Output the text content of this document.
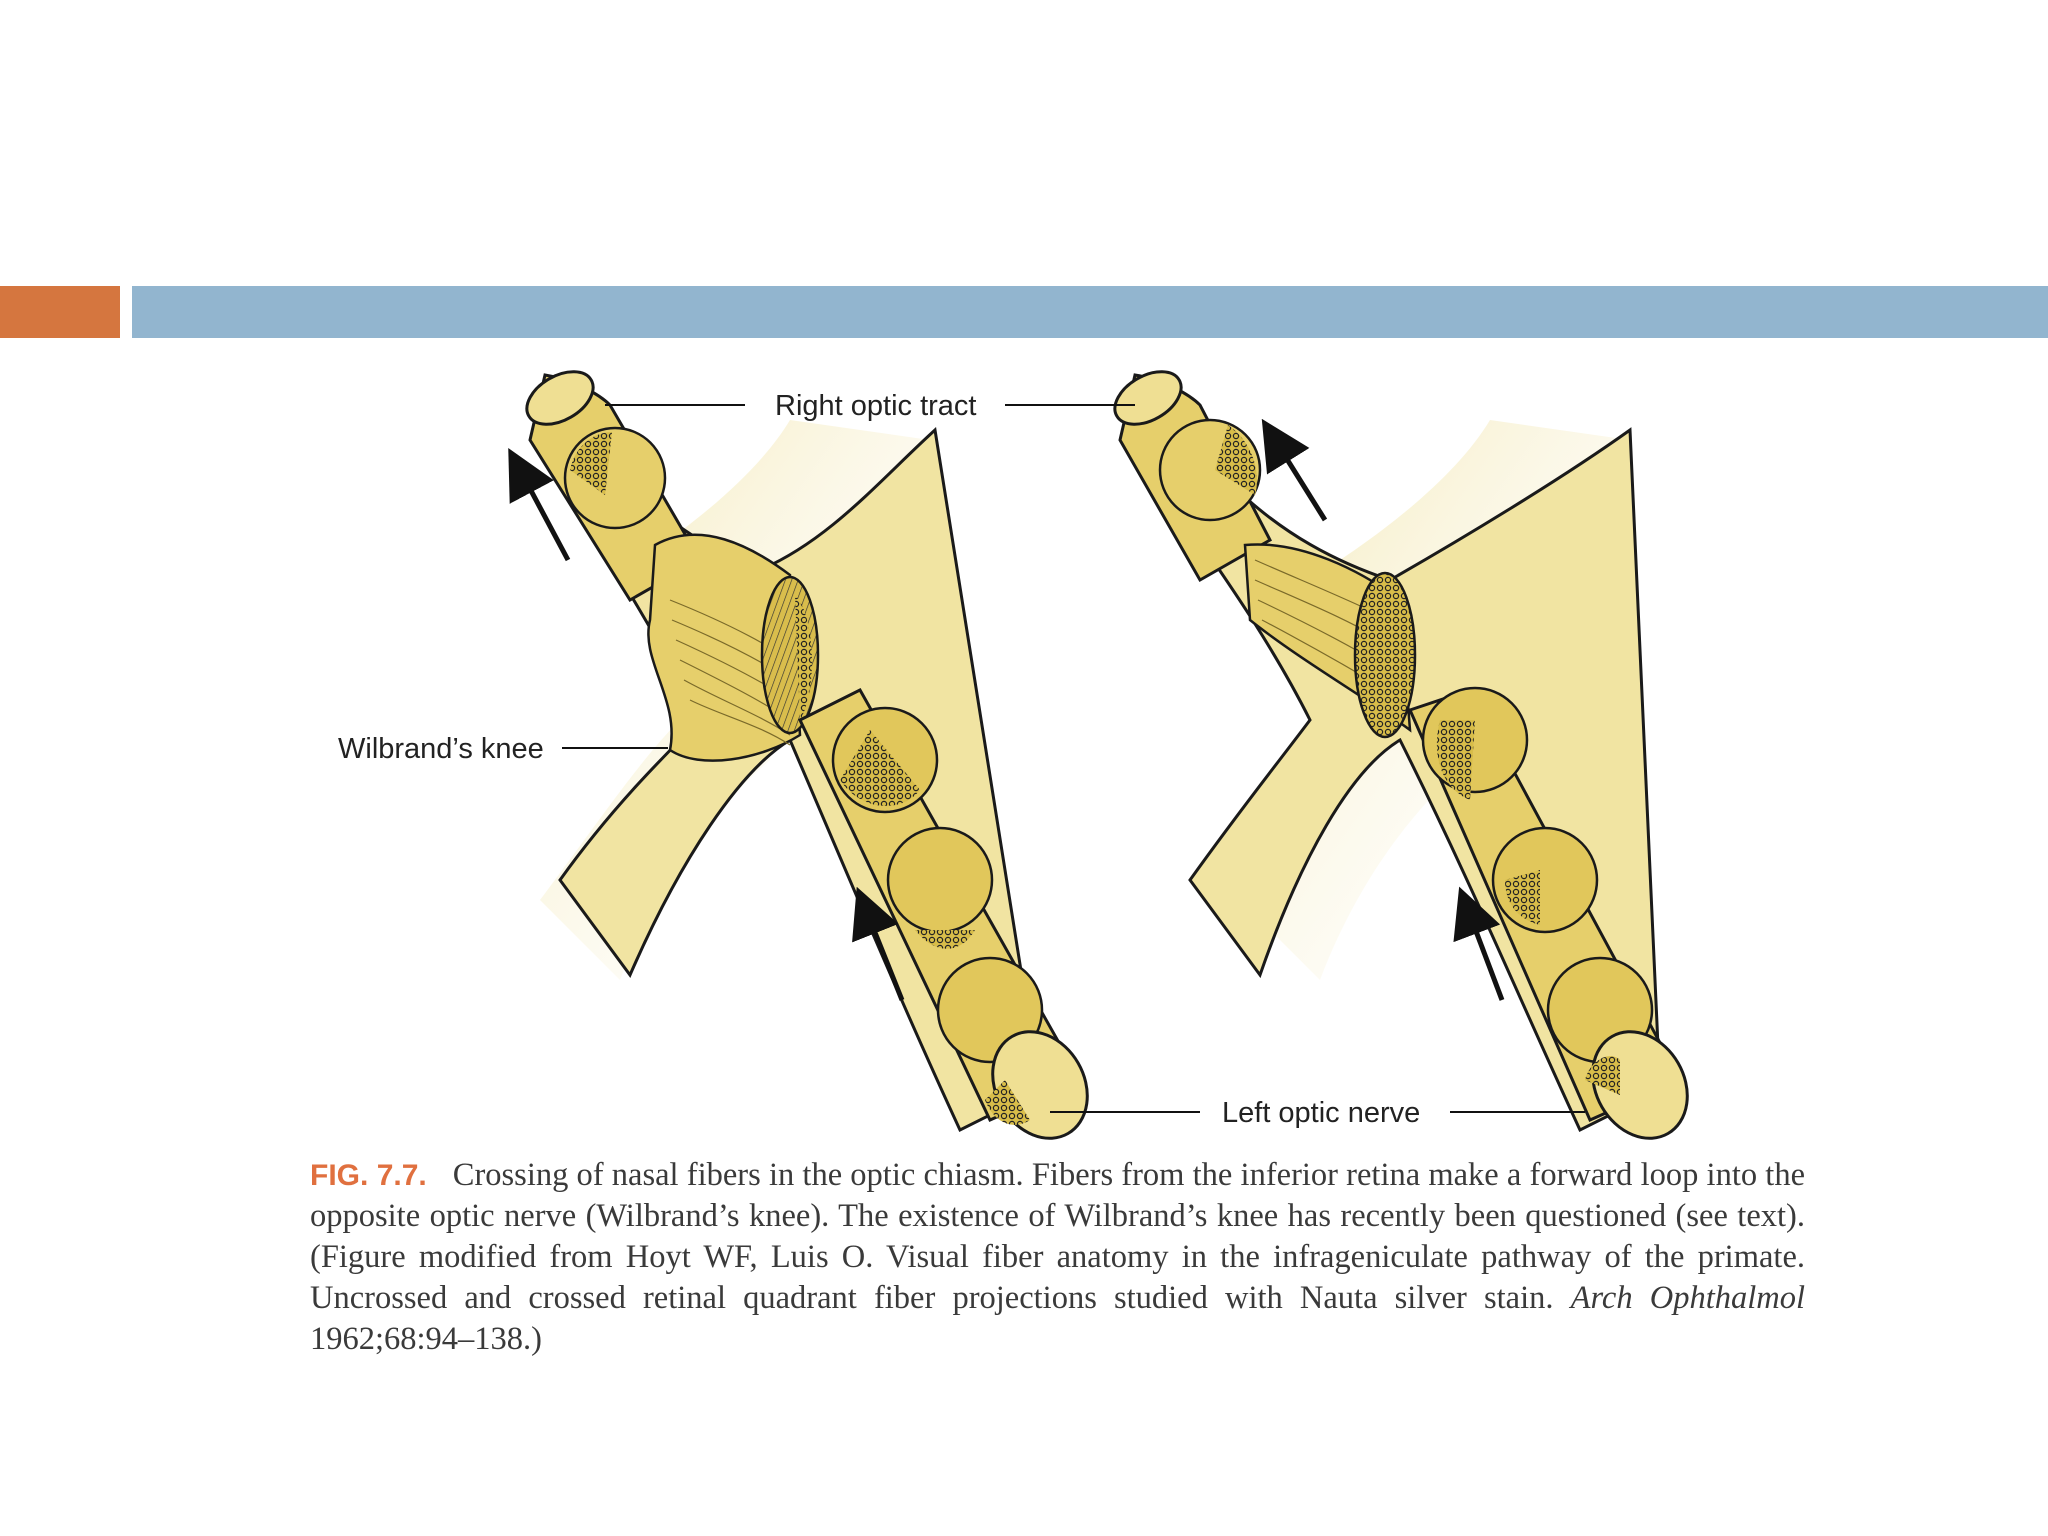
Right optic tract
Wilbrand’s knee
Left optic nerve
FIG. 7.7. Crossing of nasal fibers in the optic chiasm. Fibers from the inferior retina make a forward loop into the opposite optic nerve (Wilbrand’s knee). The existence of Wilbrand’s knee has recently been questioned (see text). (Figure modified from Hoyt WF, Luis O. Visual fiber anatomy in the infrageniculate pathway of the primate. Uncrossed and crossed retinal quadrant fiber projections studied with Nauta silver stain. Arch Ophthalmol 1962;68:94–138.)
